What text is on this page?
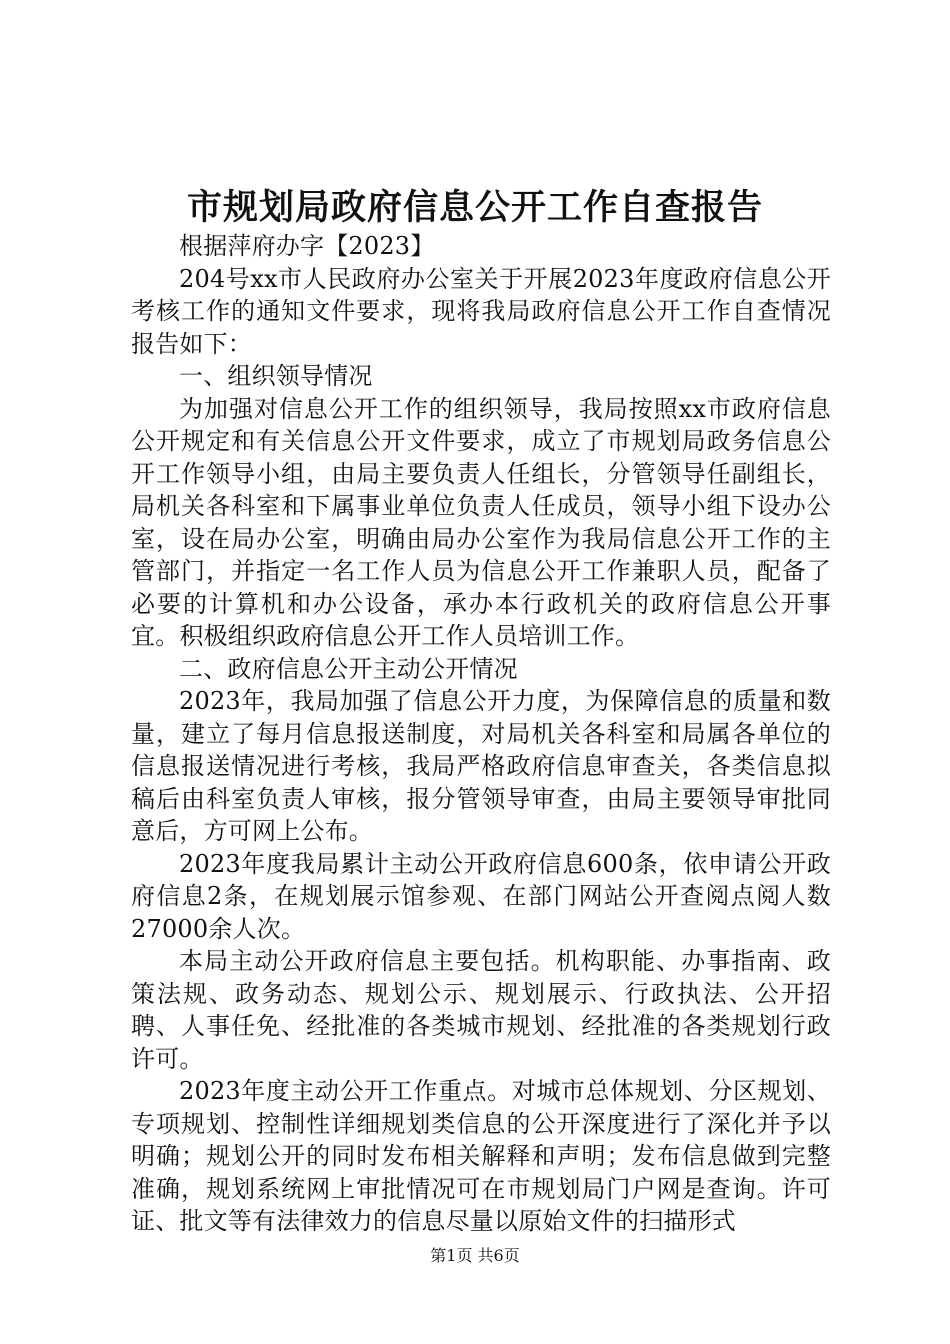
市规划局政府信息公开工作自查报告

根据萍府办字【2023】

204号xx市人民政府办公室关于开展2023年度政府信息公开考核工作的通知文件要求，现将我局政府信息公开工作自查情况报告如下：

一、组织领导情况

为加强对信息公开工作的组织领导，我局按照xx市政府信息公开规定和有关信息公开文件要求，成立了市规划局政务信息公开工作领导小组，由局主要负责人任组长，分管领导任副组长，局机关各科室和下属事业单位负责人任成员，领导小组下设办公室，设在局办公室，明确由局办公室作为我局信息公开工作的主管部门，并指定一名工作人员为信息公开工作兼职人员，配备了必要的计算机和办公设备，承办本行政机关的政府信息公开事宜。积极组织政府信息公开工作人员培训工作。

二、政府信息公开主动公开情况

2023年，我局加强了信息公开力度，为保障信息的质量和数量，建立了每月信息报送制度，对局机关各科室和局属各单位的信息报送情况进行考核，我局严格政府信息审查关，各类信息拟稿后由科室负责人审核，报分管领导审查，由局主要领导审批同意后，方可网上公布。

2023年度我局累计主动公开政府信息600条，依申请公开政府信息2条，在规划展示馆参观、在部门网站公开查阅点阅人数27000余人次。

本局主动公开政府信息主要包括。机构职能、办事指南、政策法规、政务动态、规划公示、规划展示、行政执法、公开招聘、人事任免、经批准的各类城市规划、经批准的各类规划行政许可。

2023年度主动公开工作重点。对城市总体规划、分区规划、专项规划、控制性详细规划类信息的公开深度进行了深化并予以明确；规划公开的同时发布相关解释和声明；发布信息做到完整准确，规划系统网上审批情况可在市规划局门户网是查询。许可证、批文等有法律效力的信息尽量以原始文件的扫描形式

第1页 共6页
